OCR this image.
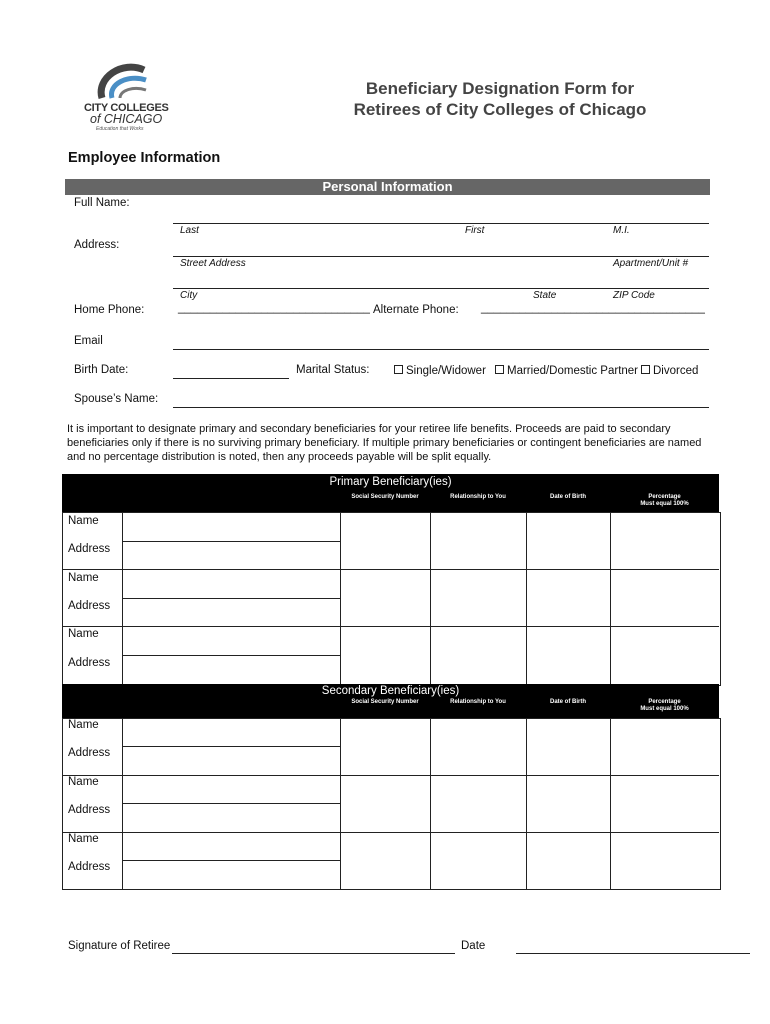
CITY COLLEGES
of CHICAGO
Education that Works
Beneficiary Designation Form for
Retirees of City Colleges of Chicago
Employee Information
Personal Information
Full Name:
Last	First	M.I.
Address:
Street Address	Apartment/Unit #
City	State	ZIP Code
Home Phone:	______________________________ Alternate Phone: ___________________________________
Email
Birth Date:	Marital Status:	Single/Widower	Married/Domestic Partner	Divorced
Spouse’s Name:
It is important to designate primary and secondary beneficiaries for your retiree life benefits. Proceeds are paid to secondary beneficiaries only if there is no surviving primary beneficiary. If multiple primary beneficiaries or contingent beneficiaries are named and no percentage distribution is noted, then any proceeds payable will be split equally.
Primary Beneficiary(ies)
Social Security Number	Relationship to You	Date of Birth	Percentage
Must equal 100%
Name
Address
Name
Address
Name
Address
Secondary Beneficiary(ies)
Social Security Number	Relationship to You	Date of Birth	Percentage
Must equal 100%
Name
Address
Name
Address
Name
Address
Signature of Retiree	Date
